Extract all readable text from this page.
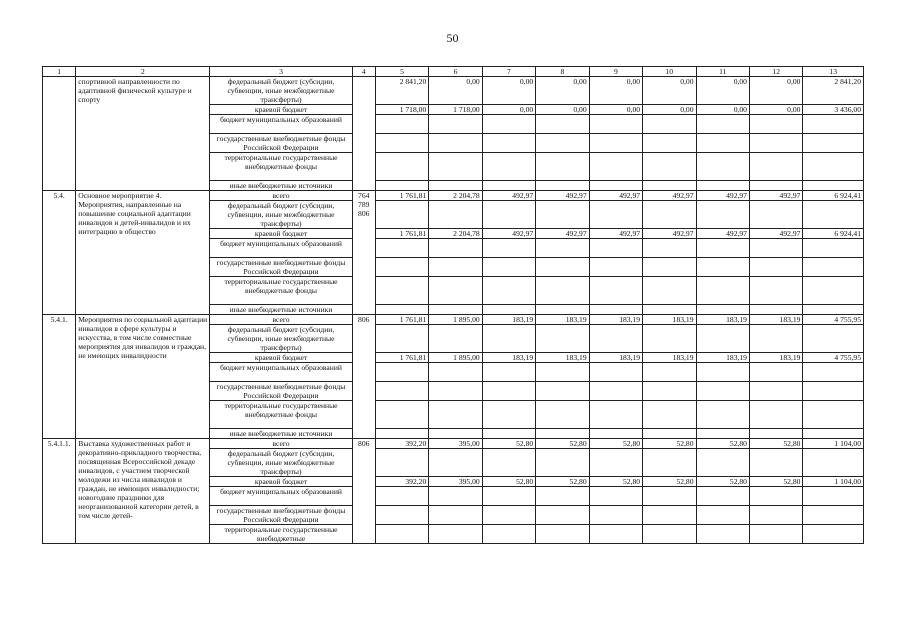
50
1	2	3	4	5	6	7	8	9	10	11	12	13
	спортивной направленности по адаптивной физической культуре и спорту	федеральный бюджет (субсидии, субвенции, иные межбюджетные трансферты)		2 841,20	0,00	0,00	0,00	0,00	0,00	0,00	0,00	2 841,20
		краевой бюджет		1 718,00	1 718,00	0,00	0,00	0,00	0,00	0,00	0,00	3 436,00
		бюджет муниципальных образований										
		государственные внебюджетные фонды Российской Федерации										
		территориальные государственные внебюджетные фонды										
		иные внебюджетные источники										
5.4.	Основное мероприятие 4. Мероприятия, направленные на повышение социальной адаптации инвалидов и детей-инвалидов и их интеграцию в общество	всего	764 789 806	1 761,81	2 204,78	492,97	492,97	492,97	492,97	492,97	492,97	6 924,41
		федеральный бюджет (субсидии, субвенции, иные межбюджетные трансферты)										
		краевой бюджет		1 761,81	2 204,78	492,97	492,97	492,97	492,97	492,97	492,97	6 924,41
		бюджет муниципальных образований										
		государственные внебюджетные фонды Российской Федерации										
		территориальные государственные внебюджетные фонды										
		иные внебюджетные источники										
5.4.1.	Мероприятия по социальной адаптации инвалидов в сфере культуры и искусства, в том числе совместные мероприятия для инвалидов и граждан, не имеющих инвалидности	всего	806	1 761,81	1 895,00	183,19	183,19	183,19	183,19	183,19	183,19	4 755,95
		федеральный бюджет (субсидии, субвенции, иные межбюджетные трансферты)										
		краевой бюджет		1 761,81	1 895,00	183,19	183,19	183,19	183,19	183,19	183,19	4 755,95
		бюджет муниципальных образований										
		государственные внебюджетные фонды Российской Федерации										
		территориальные государственные внебюджетные фонды										
		иные внебюджетные источники										
5.4.1.1.	Выставка художественных работ и декоративно-прикладного творчества, посвященная Всероссийской декаде инвалидов, с участием творческой молодежи из числа инвалидов и граждан, не имеющих инвалидности; новогодние праздники для неорганизованной категории детей, в том числе детей-	всего	806	392,20	395,00	52,80	52,80	52,80	52,80	52,80	52,80	1 104,00
		федеральный бюджет (субсидии, субвенции, иные межбюджетные трансферты)										
		краевой бюджет		392,20	395,00	52,80	52,80	52,80	52,80	52,80	52,80	1 104,00
		бюджет муниципальных образований										
		государственные внебюджетные фонды Российской Федерации										
		территориальные государственные внебюджетные										
